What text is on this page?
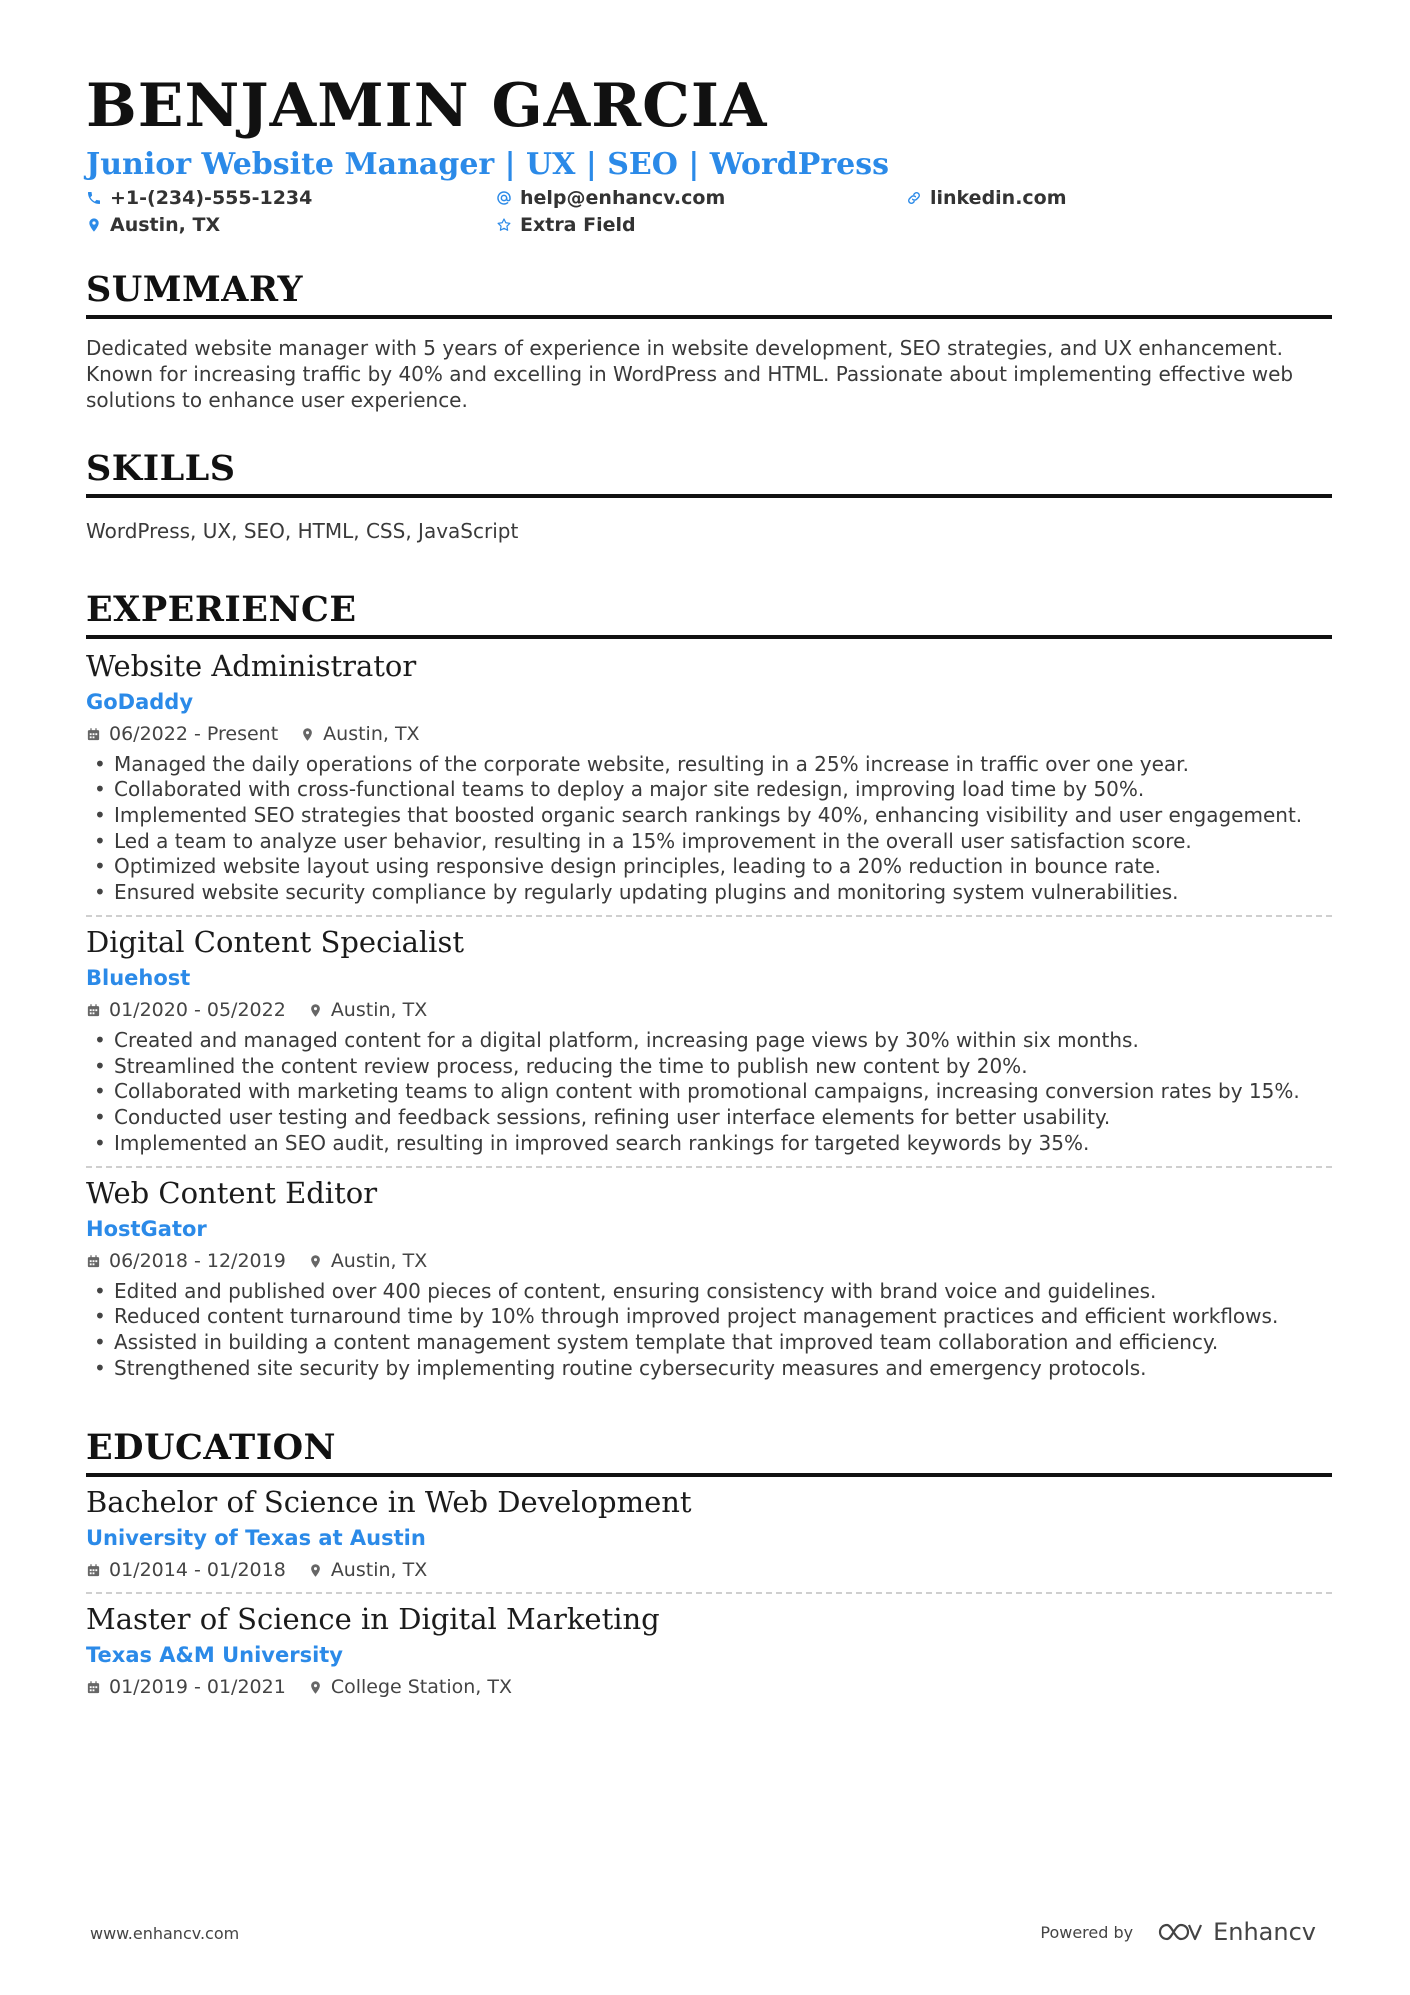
BENJAMIN GARCIA
Junior Website Manager | UX | SEO | WordPress
+1-(234)-555-1234	help@enhancv.com	linkedin.com
Austin, TX	Extra Field
SUMMARY
Dedicated website manager with 5 years of experience in website development, SEO strategies, and UX enhancement. Known for increasing traffic by 40% and excelling in WordPress and HTML. Passionate about implementing effective web solutions to enhance user experience.
SKILLS
WordPress, UX, SEO, HTML, CSS, JavaScript
EXPERIENCE
Website Administrator
GoDaddy
06/2022 - Present Austin, TX
• Managed the daily operations of the corporate website, resulting in a 25% increase in traffic over one year.
• Collaborated with cross-functional teams to deploy a major site redesign, improving load time by 50%.
• Implemented SEO strategies that boosted organic search rankings by 40%, enhancing visibility and user engagement.
• Led a team to analyze user behavior, resulting in a 15% improvement in the overall user satisfaction score.
• Optimized website layout using responsive design principles, leading to a 20% reduction in bounce rate.
• Ensured website security compliance by regularly updating plugins and monitoring system vulnerabilities.
Digital Content Specialist
Bluehost
01/2020 - 05/2022 Austin, TX
• Created and managed content for a digital platform, increasing page views by 30% within six months.
• Streamlined the content review process, reducing the time to publish new content by 20%.
• Collaborated with marketing teams to align content with promotional campaigns, increasing conversion rates by 15%.
• Conducted user testing and feedback sessions, refining user interface elements for better usability.
• Implemented an SEO audit, resulting in improved search rankings for targeted keywords by 35%.
Web Content Editor
HostGator
06/2018 - 12/2019 Austin, TX
• Edited and published over 400 pieces of content, ensuring consistency with brand voice and guidelines.
• Reduced content turnaround time by 10% through improved project management practices and efficient workflows.
• Assisted in building a content management system template that improved team collaboration and efficiency.
• Strengthened site security by implementing routine cybersecurity measures and emergency protocols.
EDUCATION
Bachelor of Science in Web Development
University of Texas at Austin
01/2014 - 01/2018 Austin, TX
Master of Science in Digital Marketing
Texas A&M University
01/2019 - 01/2021 College Station, TX
www.enhancv.com	Powered by	Enhancv
